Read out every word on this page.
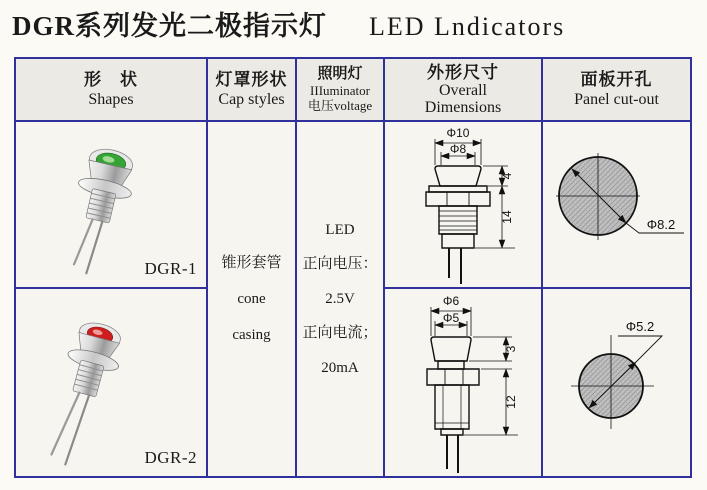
DGR系列发光二极指示灯 LED Lndicators
形　状
Shapes
灯罩形状
Cap styles
照明灯
IIIuminator
电压voltage
外形尺寸
Overall
Dimensions
面板开孔
Panel cut-out
DGR-1 锥形套管
cone
casing
LED
正向电压：
2.5V
正向电流；
20mA
Φ10
Φ8
4
14	Φ8.2
DGR-2
Φ6
Φ5
3
12
Φ5.2
